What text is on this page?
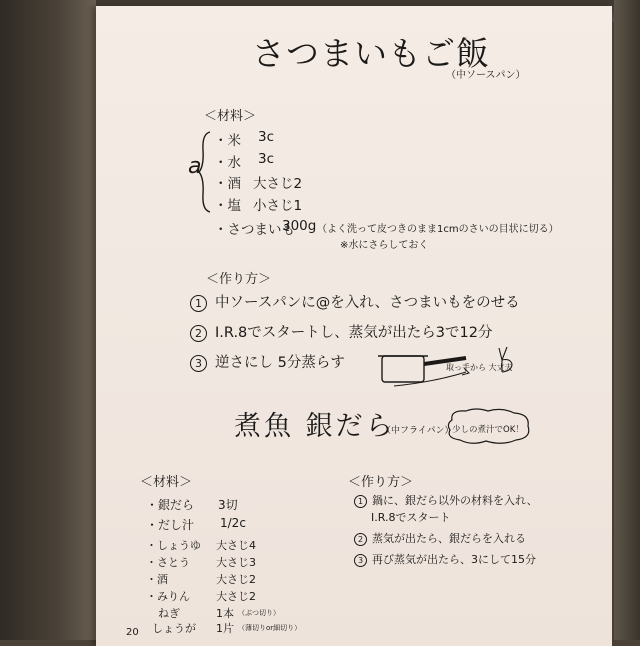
さつまいもご飯
（中ソースパン）
＜材料＞
a
・米 3c
・水 3c
・酒 大さじ2
・塩 小さじ1
・さつまいも
300g （よく洗って皮つきのまま1cmのさいの目状に切る）
※水にさらしておく
＜作り方＞
1 中ソースパンに@を入れ、さつまいもをのせる
2 I.R.8でスタートし、蒸気が出たら3で12分
3 逆さにし 5分蒸らす	取っ手から 大丈夫
煮魚 銀だら
（中フライパン）
少しの煮汁でOK！
＜材料＞
・銀だら 3切
・だし汁 1/2c
・しょうゆ 大さじ4
・さとう 大さじ3
・酒	大さじ2
・みりん 大さじ2
ねぎ	1本 （ぶつ切り）
しょうが 1片 （薄切りor細切り）
＜作り方＞
1 鍋に、銀だら以外の材料を入れ、
I.R.8でスタート
2 蒸気が出たら、銀だらを入れる
3 再び蒸気が出たら、3にして15分
20
